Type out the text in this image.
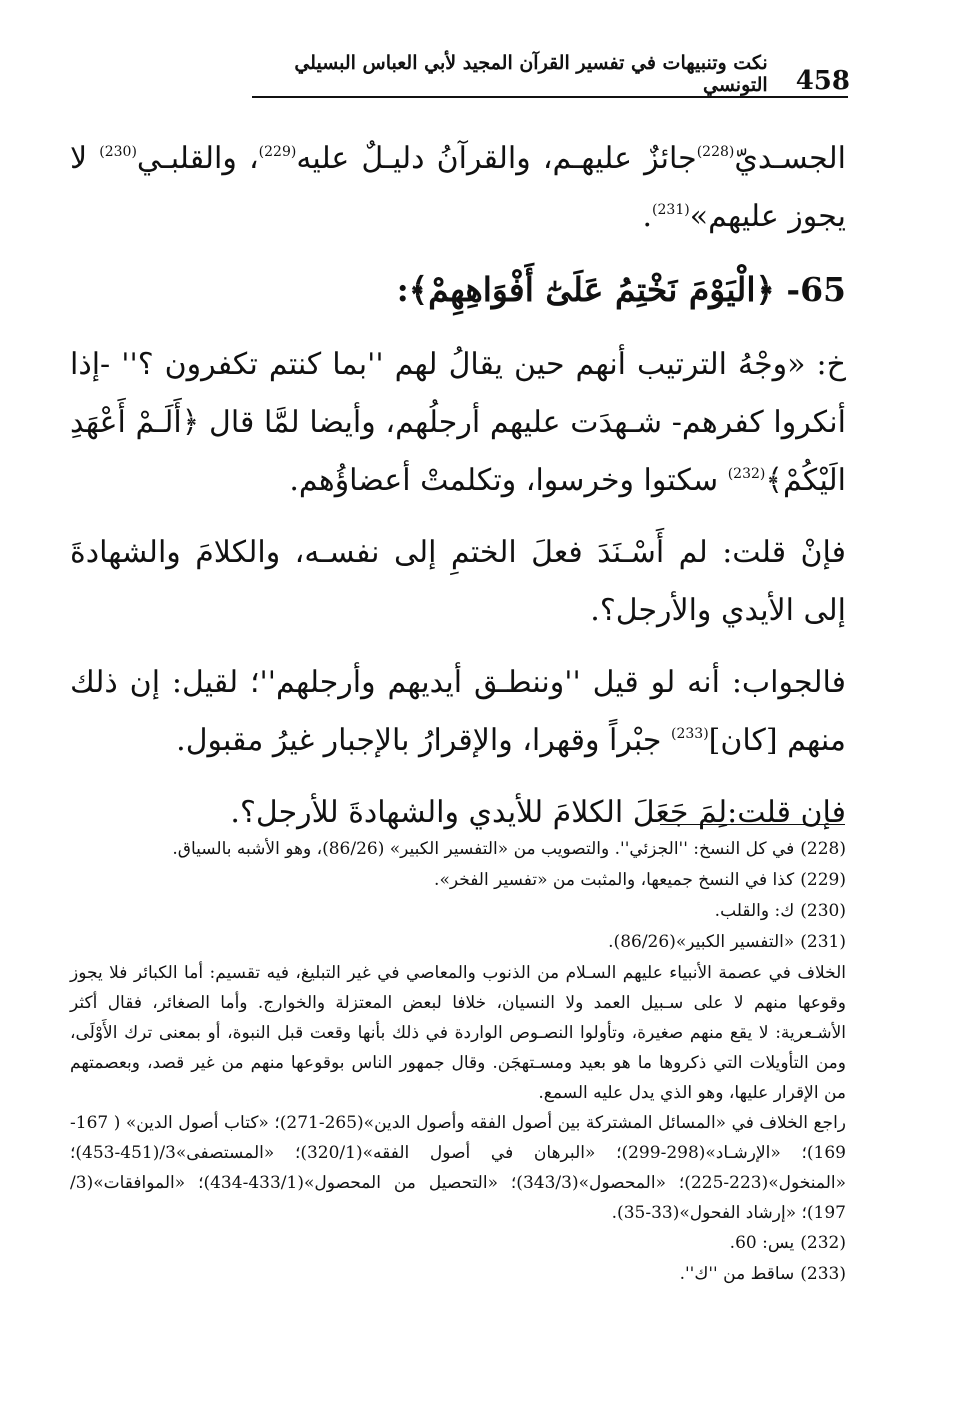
458
نكت وتنبيهات في تفسير القرآن المجيد لأبي العباس البسيلي التونسي

الجسـديّ$^{(228)}$جائزٌ عليهـم، والقرآنُ دليـلٌ عليه$^{(229)}$، والقلبـي$^{(230)}$ لا يجوز عليهم»$^{(231)}$.

65- ﴿الْيَوْمَ نَخْتِمُ عَلَىٰٓ أَفْوَاهِهِمْ﴾:

خ: «وجْهُ الترتيب أنهم حين يقالُ لهم ''بما كنتم تكفرون ؟'' -إذا أنكروا كفرهم- شـهدَت عليهم أرجلُهم، وأيضا لمَّا قال ﴿أَلَـمْ أَعْهَدِ الَيْكُمْ﴾$^{(232)}$ سكتوا وخرسوا، وتكلمتْ أعضاؤُهم.

فإنْ قلت: لم أَسْـنَدَ فعلَ الختمِ إلى نفسـه، والكلامَ والشهادةَ إلى الأيدي والأرجل؟.

فالجواب: أنه لو قيل ''وننطـق أيديهم وأرجلهم''؛ لقيل: إن ذلك منهم [كان]$^{(233)}$ جبْراً وقهرا، والإقرارُ بالإجبار غيرُ مقبول.

فإن قلت:لِمَ جَعَلَ الكلامَ للأيدي والشهادةَ للأرجل؟.

(228)في كل النسخ: ''الجزئي''. والتصويب من «التفسير الكبير» (86/26)، وهو الأشبه بالسياق.

(229)كذا في النسخ جميعها، والمثبت من «تفسير الفخر».

(230)ك: والقلب.

(231)«التفسير الكبير»(86/26).

الخلاف في عصمة الأنبياء عليهم السـلام من الذنوب والمعاصي في غير التبليغ، فيه تقسيم: أما الكبائر فلا يجوز وقوعها منهم لا على سـبيل العمد ولا النسيان، خلافا لبعض المعتزلة والخوارج. وأما الصغائر، فقال أكثر الأشـعرية: لا يقع منهم صغيرة، وتأولوا النصـوص الواردة في ذلك بأنها وقعت قبل النبوة، أو بمعنى ترك الأَوْلَى، ومن التأويلات التي ذكروها ما هو بعيد ومسـتهجَن. وقال جمهور الناس بوقوعها منهم من غير قصد، وبعصمتهم من الإقرار عليها، وهو الذي يدل عليه السمع.

راجع الخلاف في «المسائل المشتركة بين أصول الفقه وأصول الدين»(265-271)؛ «كتاب أصول الدين» ( 167-169)؛ «الإرشـاد»(298-299)؛ «البرهان في أصول الفقه»(320/1)؛ «المستصفى»3/(451-453)؛ «المنخول»(223-225)؛ «المحصول»(343/3)؛ «التحصيل من المحصول»(433/1-434)؛ «الموافقات»(3/ 197)؛ «إرشاد الفحول»(33-35).

(232)يس: 60.

(233)ساقط من ''ك''.
